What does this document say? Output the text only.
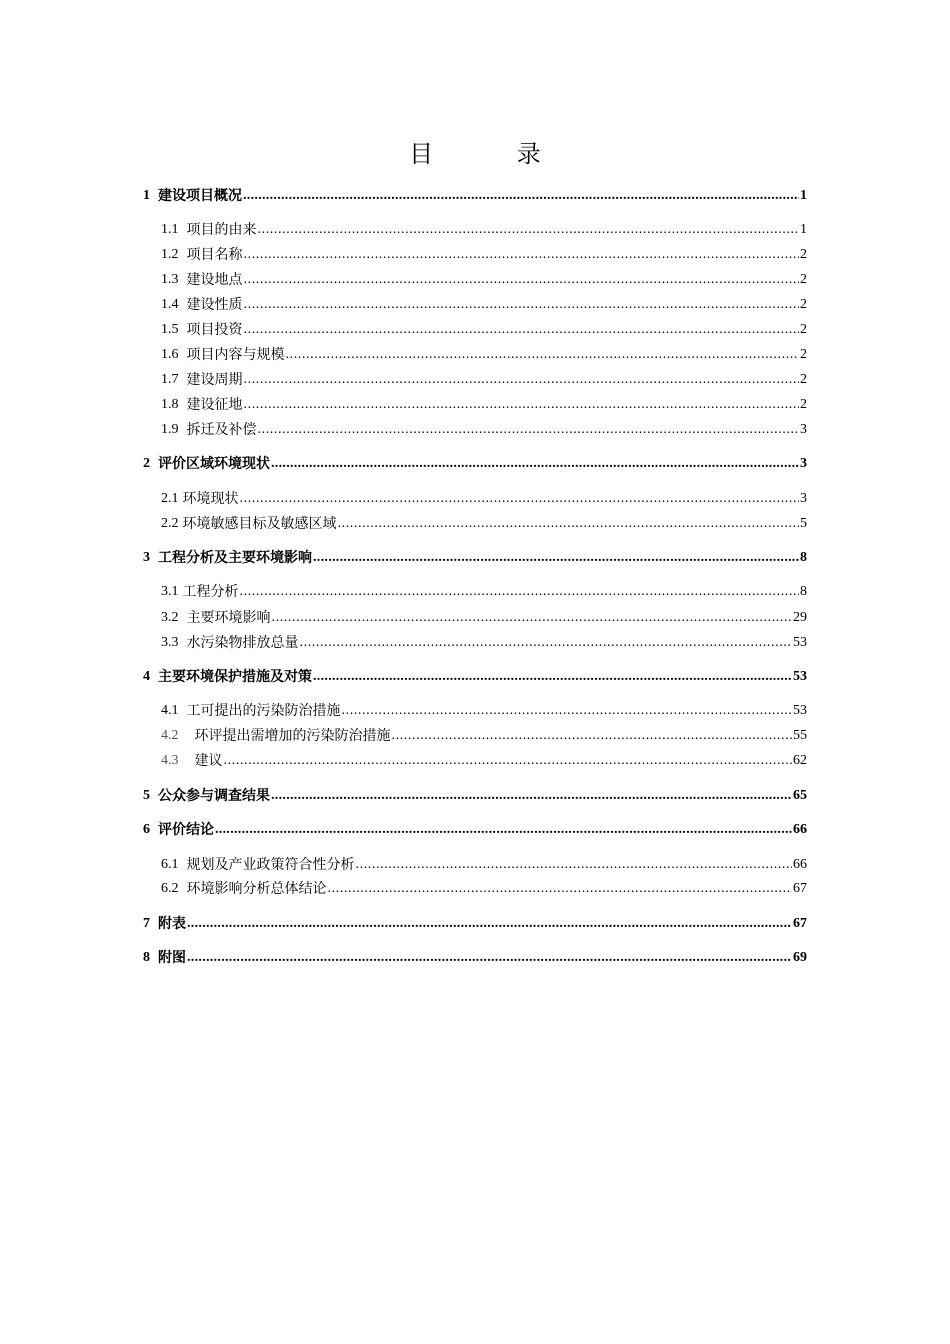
目 录
1 建设项目概况 .....	1
1.1 项目的由来 .....	1
1.2 项目名称 .....	2
1.3 建设地点 .....	2
1.4 建设性质 .....	2
1.5 项目投资 .....	2
1.6 项目内容与规模 .....	2
1.7 建设周期 .....	2
1.8 建设征地 .....	2
1.9 拆迁及补偿 .....	3
2 评价区域环境现状 .....	3
2.1 环境现状 .....	3
2.2 环境敏感目标及敏感区域 .....	5
3 工程分析及主要环境影响 .....	8
3.1 工程分析 .....	8
3.2 主要环境影响 .....	29
3.3 水污染物排放总量 .....	53
4 主要环境保护措施及对策 .....	53
4.1 工可提出的污染防治措施 .....	53
4.2 环评提出需增加的污染防治措施 .....	55
4.3 建议 .....	62
5 公众参与调查结果 .....	65
6 评价结论 .....	66
6.1 规划及产业政策符合性分析 .....	66
6.2 环境影响分析总体结论 .....	67
7 附表 .....	67
8 附图 .....	69
